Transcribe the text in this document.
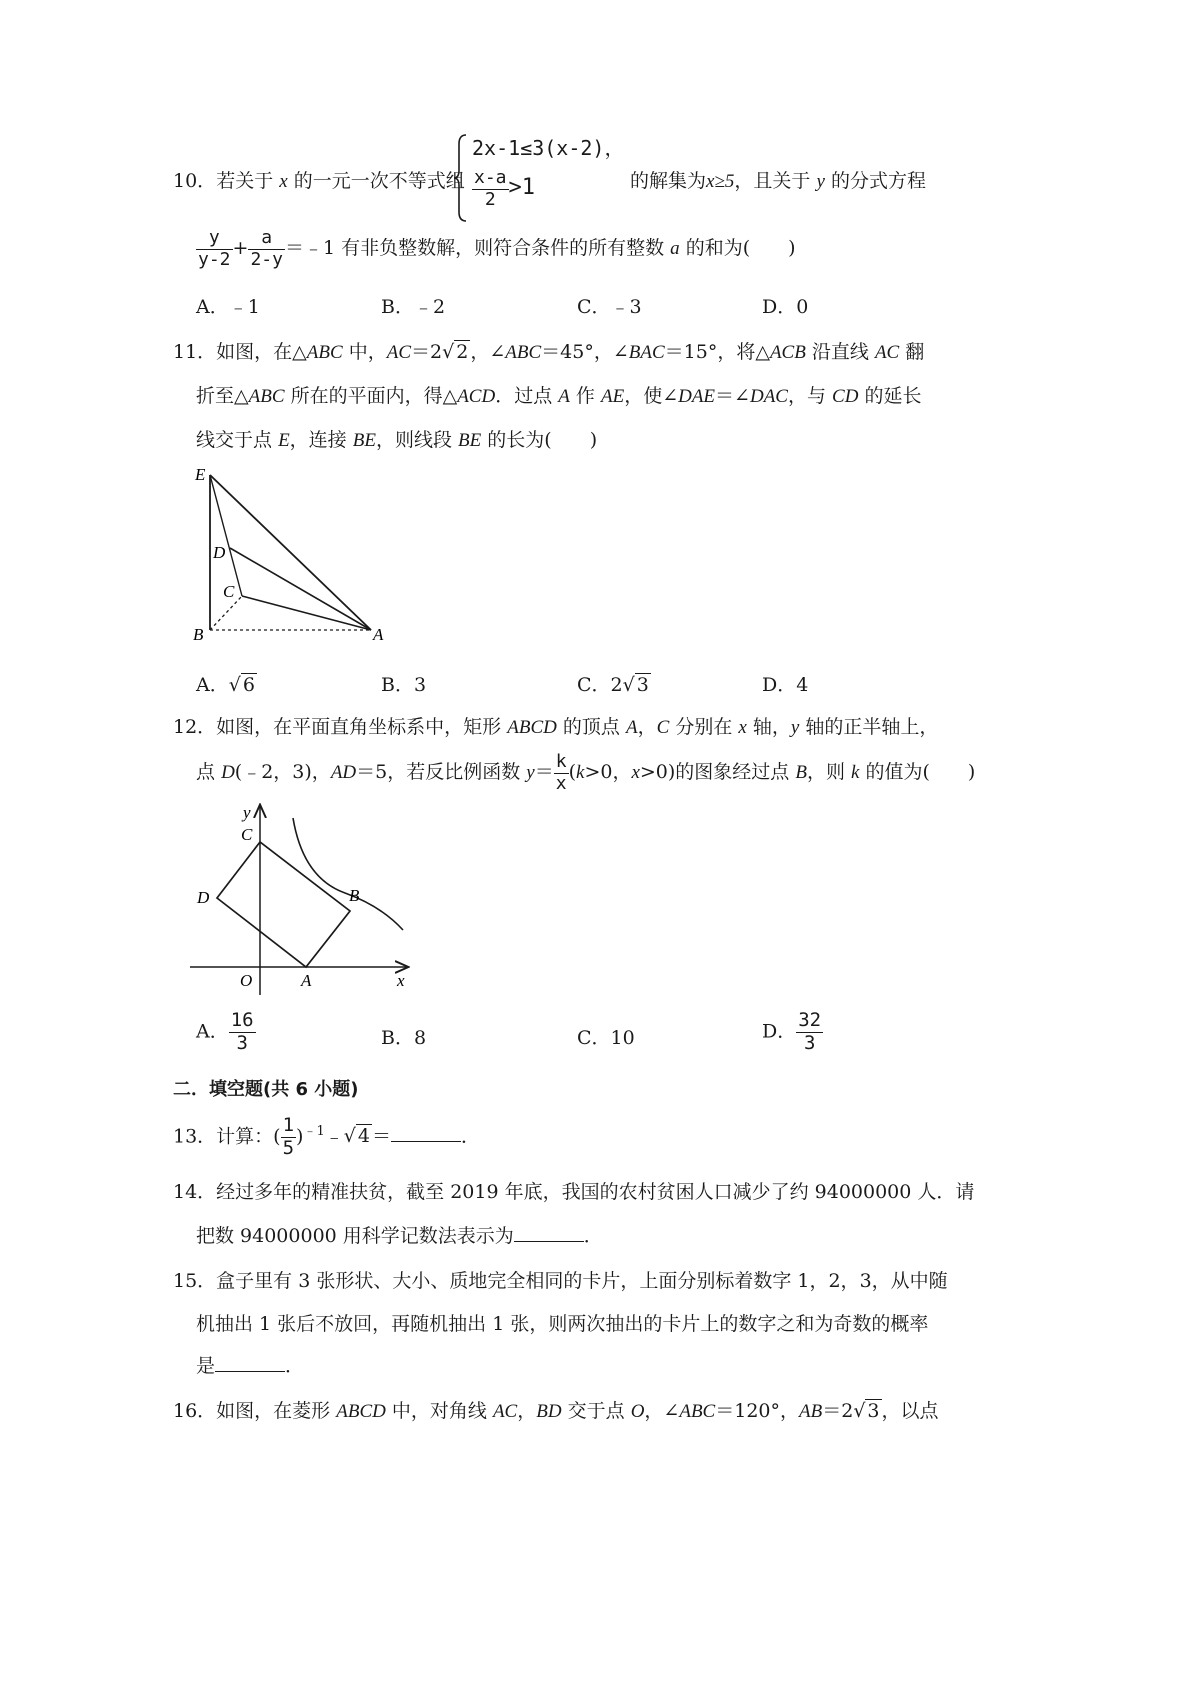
10．若关于 x 的一元一次不等式组
2x-1≤3(x-2)，
$\frac{x-a}{2} >1$	的解集为x≥5，且关于 y 的分式方程
$\frac{y}{y-2} + \frac{a}{2-y}$ ＝﹣1 有非负整数解，则符合条件的所有整数 a 的和为(　　)
A．﹣1	B．﹣2	C．﹣3	D．0
11．如图，在△ABC 中，AC＝2√ 2 ，∠ABC＝45°，∠BAC＝15°，将△ACB 沿直线 AC 翻
折至△ABC 所在的平面内，得△ACD．过点 A 作 AE，使∠DAE＝∠DAC，与 CD 的延长
线交于点 E，连接 BE，则线段 BE 的长为(　　)
E
D
C
B	A
A．√ 6	B．3	C．2√ 3	D．4
12．如图，在平面直角坐标系中，矩形 ABCD 的顶点 A，C 分别在 x 轴，y 轴的正半轴上，
点 D(﹣2，3)，AD＝5，若反比例函数 $y= \frac{k}{x} (k>0$，x>0)的图象经过点 B，则 k 的值为(　　)
y
C
D	B
O	A	x
A． $\frac{16}{3}$	B．8	C．10	D． $\frac{32}{3}$
二．填空题(共 6 小题)
13．计算：( $\frac{1}{5}$ )$^{﹣1}$﹣√ 4 ＝	．
14．经过多年的精准扶贫，截至 2019 年底，我国的农村贫困人口减少了约 94000000 人．请
把数 94000000 用科学记数法表示为	．
15．盒子里有 3 张形状、大小、质地完全相同的卡片，上面分别标着数字 1，2，3，从中随
机抽出 1 张后不放回，再随机抽出 1 张，则两次抽出的卡片上的数字之和为奇数的概率
是	．
16．如图，在菱形 ABCD 中，对角线 AC，BD 交于点 O，∠ABC＝120°，AB＝2√ 3 ，以点
